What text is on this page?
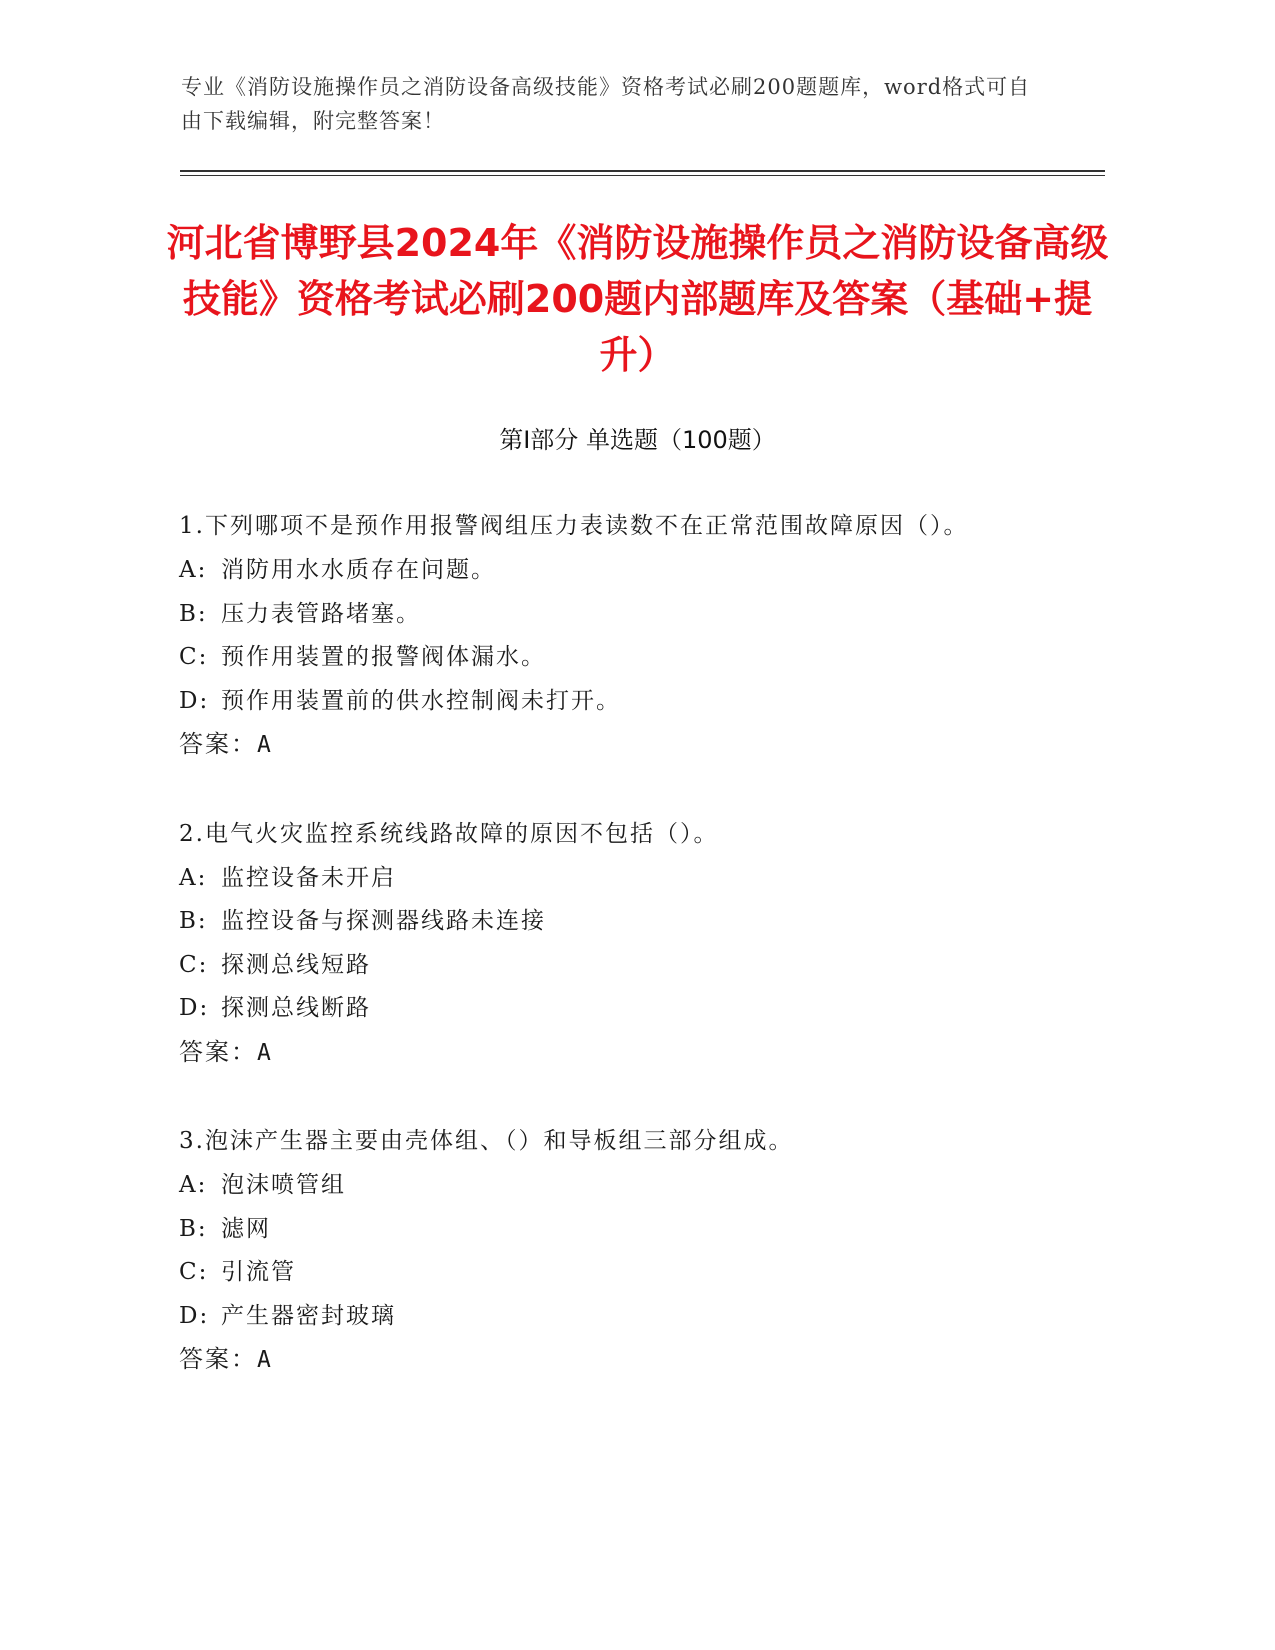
专业《消防设施操作员之消防设备高级技能》资格考试必刷200题题库，word格式可自由下载编辑，附完整答案！
河北省博野县2024年《消防设施操作员之消防设备高级技能》资格考试必刷200题内部题库及答案（基础+提升）
第Ⅰ部分 单选题（100题）

1.下列哪项不是预作用报警阀组压力表读数不在正常范围故障原因（）。

A: 消防用水水质存在问题。
B: 压力表管路堵塞。
C: 预作用装置的报警阀体漏水。
D: 预作用装置前的供水控制阀未打开。
答案：A

2.电气火灾监控系统线路故障的原因不包括（）。

A: 监控设备未开启
B: 监控设备与探测器线路未连接
C: 探测总线短路
D: 探测总线断路
答案：A

3.泡沫产生器主要由壳体组、（）和导板组三部分组成。

A: 泡沫喷管组
B: 滤网
C: 引流管
D: 产生器密封玻璃
答案：A
